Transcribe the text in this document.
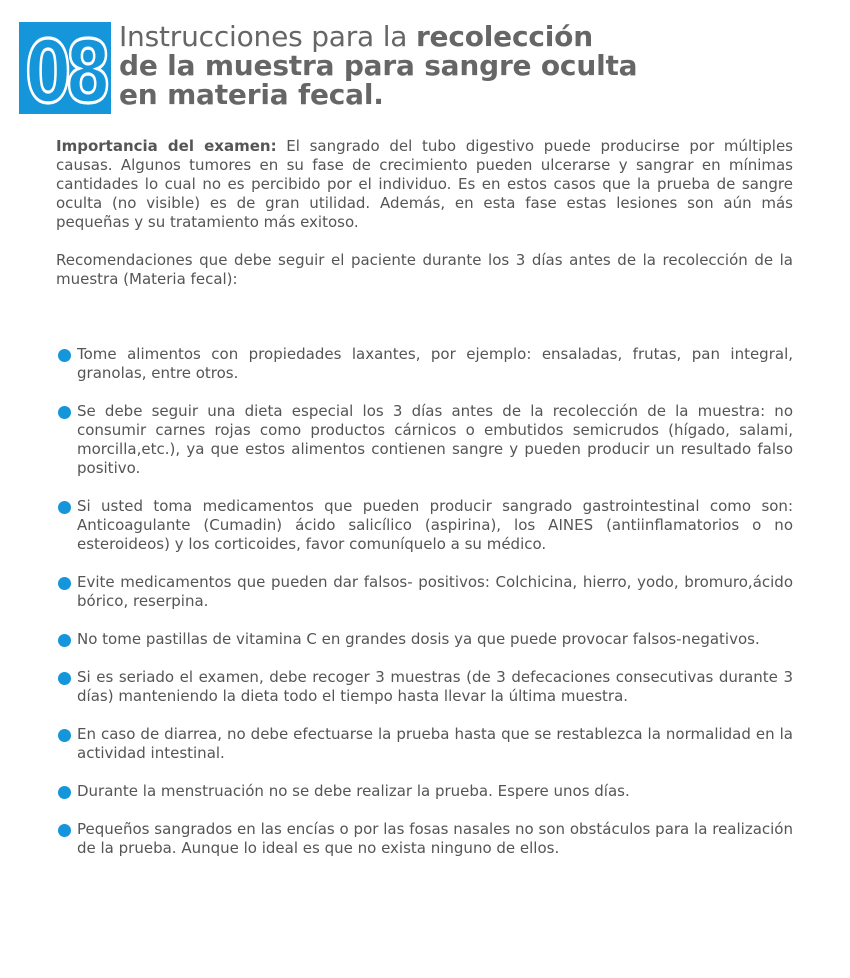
08 Instrucciones para la recolección
de la muestra para sangre oculta
en materia fecal.

Importancia del examen: El sangrado del tubo digestivo puede producirse por múltiples causas. Algunos tumores en su fase de crecimiento pueden ulcerarse y sangrar en mínimas cantidades lo cual no es percibido por el individuo. Es en estos casos que la prueba de sangre oculta (no visible) es de gran utilidad. Además, en esta fase estas lesiones son aún más pequeñas y su tratamiento más exitoso.

Recomendaciones que debe seguir el paciente durante los 3 días antes de la recolección de la muestra (Materia fecal):

Tome alimentos con propiedades laxantes, por ejemplo: ensaladas, frutas, pan integral, granolas, entre otros.
Se debe seguir una dieta especial los 3 días antes de la recolección de la muestra: no consumir carnes rojas como productos cárnicos o embutidos semicrudos (hígado, salami, morcilla,etc.), ya que estos alimentos contienen sangre y pueden producir un resultado falso positivo.
Si usted toma medicamentos que pueden producir sangrado gastrointestinal como son: Anticoagulante (Cumadin) ácido salicílico (aspirina), los AINES (antiinflamatorios o no esteroideos) y los corticoides, favor comuníquelo a su médico.
Evite medicamentos que pueden dar falsos- positivos: Colchicina, hierro, yodo, bromuro,ácido bórico, reserpina.
No tome pastillas de vitamina C en grandes dosis ya que puede provocar falsos-negativos.
Si es seriado el examen, debe recoger 3 muestras (de 3 defecaciones consecutivas durante 3 días) manteniendo la dieta todo el tiempo hasta llevar la última muestra.
En caso de diarrea, no debe efectuarse la prueba hasta que se restablezca la normalidad en la actividad intestinal.
Durante la menstruación no se debe realizar la prueba. Espere unos días.
Pequeños sangrados en las encías o por las fosas nasales no son obstáculos para la realización de la prueba. Aunque lo ideal es que no exista ninguno de ellos.
